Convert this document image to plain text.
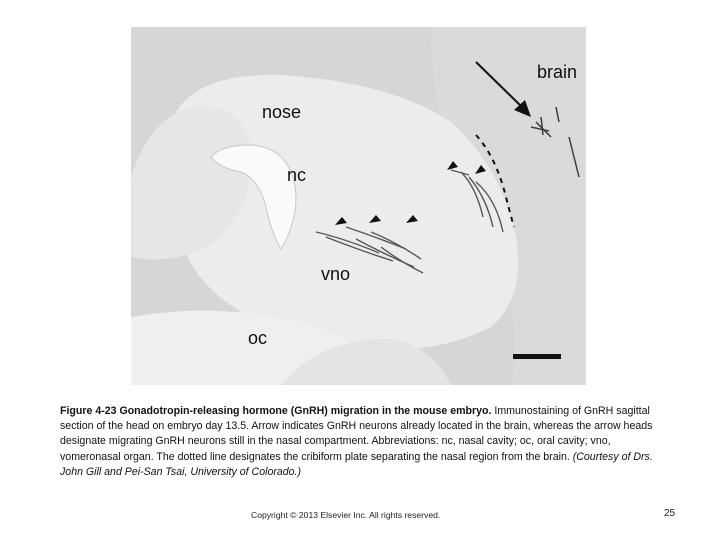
brain
nose
nc
vno
oc
Figure 4-23 Gonadotropin-releasing hormone (GnRH) migration in the mouse embryo. Immunostaining of GnRH sagittal section of the head on embryo day 13.5. Arrow indicates GnRH neurons already located in the brain, whereas the arrow heads designate migrating GnRH neurons still in the nasal compartment. Abbreviations: nc, nasal cavity; oc, oral cavity; vno, vomeronasal organ. The dotted line designates the cribiform plate separating the nasal region from the brain. (Courtesy of Drs. John Gill and Pei-San Tsai, University of Colorado.)
Copyright © 2013 Elsevier Inc. All rights reserved.	25
